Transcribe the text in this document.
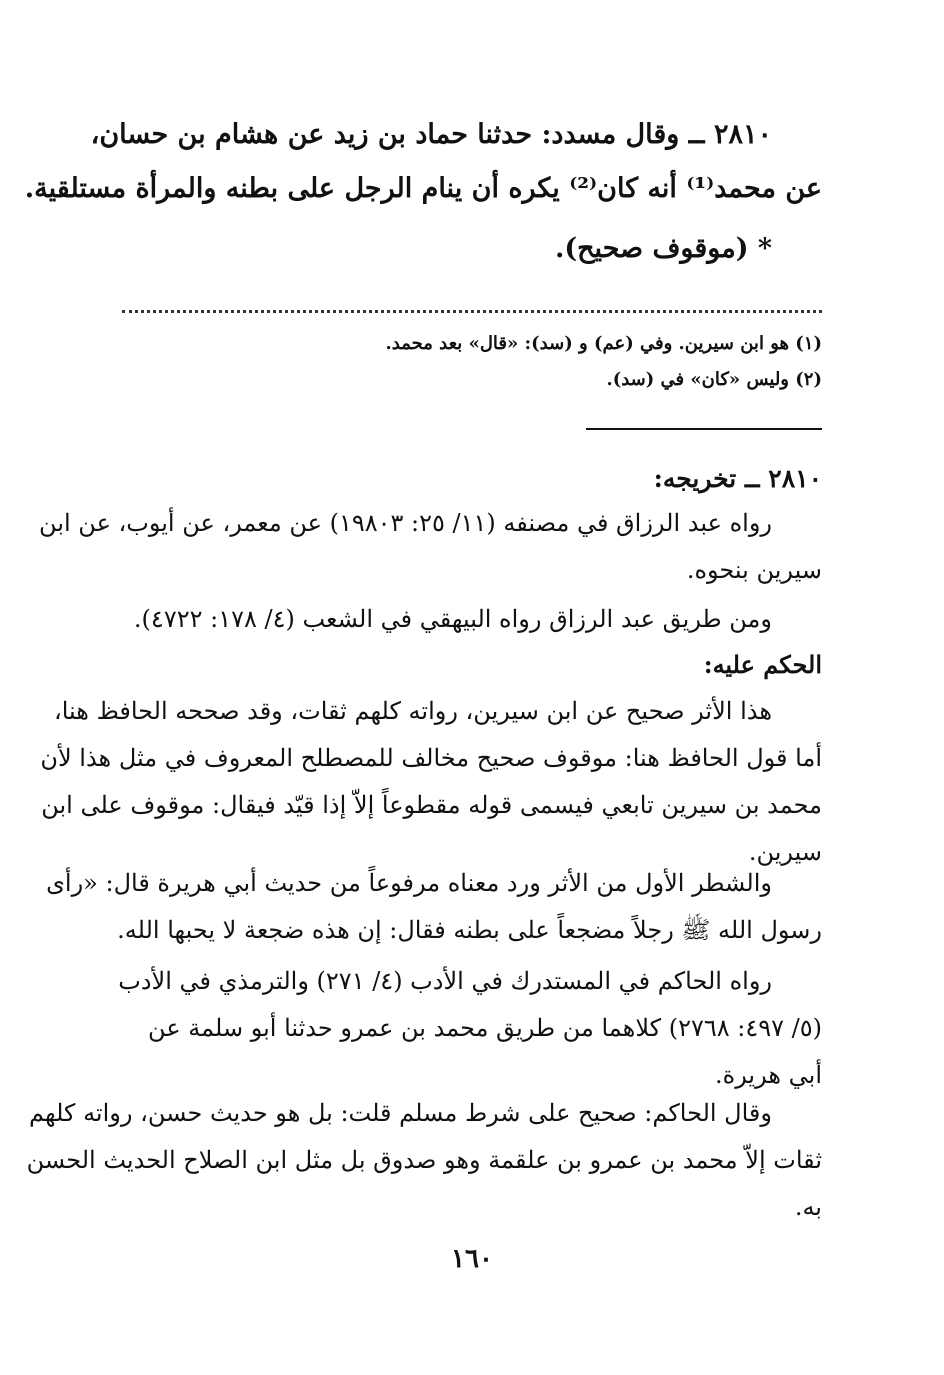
٢٨١٠ ــ وقال مسدد: حدثنا حماد بن زيد عن هشام بن حسان،
عن محمد⁽¹⁾ أنه كان⁽²⁾ يكره أن ينام الرجل على بطنه والمرأة مستلقية.
* (موقوف صحيح).
(١) هو ابن سيرين. وفي (عم) و (سد): «قال» بعد محمد.
(٢) وليس «كان» في (سد).
٢٨١٠ ــ تخريجه:
رواه عبد الرزاق في مصنفه (١١/ ٢٥: ١٩٨٠٣) عن معمر، عن أيوب، عن ابن
سيرين بنحوه.
ومن طريق عبد الرزاق رواه البيهقي في الشعب (٤/ ١٧٨: ٤٧٢٢).
الحكم عليه:
هذا الأثر صحيح عن ابن سيرين، رواته كلهم ثقات، وقد صححه الحافظ هنا،
أما قول الحافظ هنا: موقوف صحيح مخالف للمصطلح المعروف في مثل هذا لأن
محمد بن سيرين تابعي فيسمى قوله مقطوعاً إلاّ إذا قيّد فيقال: موقوف على ابن
سيرين.
والشطر الأول من الأثر ورد معناه مرفوعاً من حديث أبي هريرة قال: «رأى
رسول الله ﷺ رجلاً مضجعاً على بطنه فقال: إن هذه ضجعة لا يحبها الله.
رواه الحاكم في المستدرك في الأدب (٤/ ٢٧١) والترمذي في الأدب
(٥/ ٤٩٧: ٢٧٦٨) كلاهما من طريق محمد بن عمرو حدثنا أبو سلمة عن
أبي هريرة.
وقال الحاكم: صحيح على شرط مسلم قلت: بل هو حديث حسن، رواته كلهم
ثقات إلاّ محمد بن عمرو بن علقمة وهو صدوق بل مثل ابن الصلاح الحديث الحسن
به.
١٦٠
